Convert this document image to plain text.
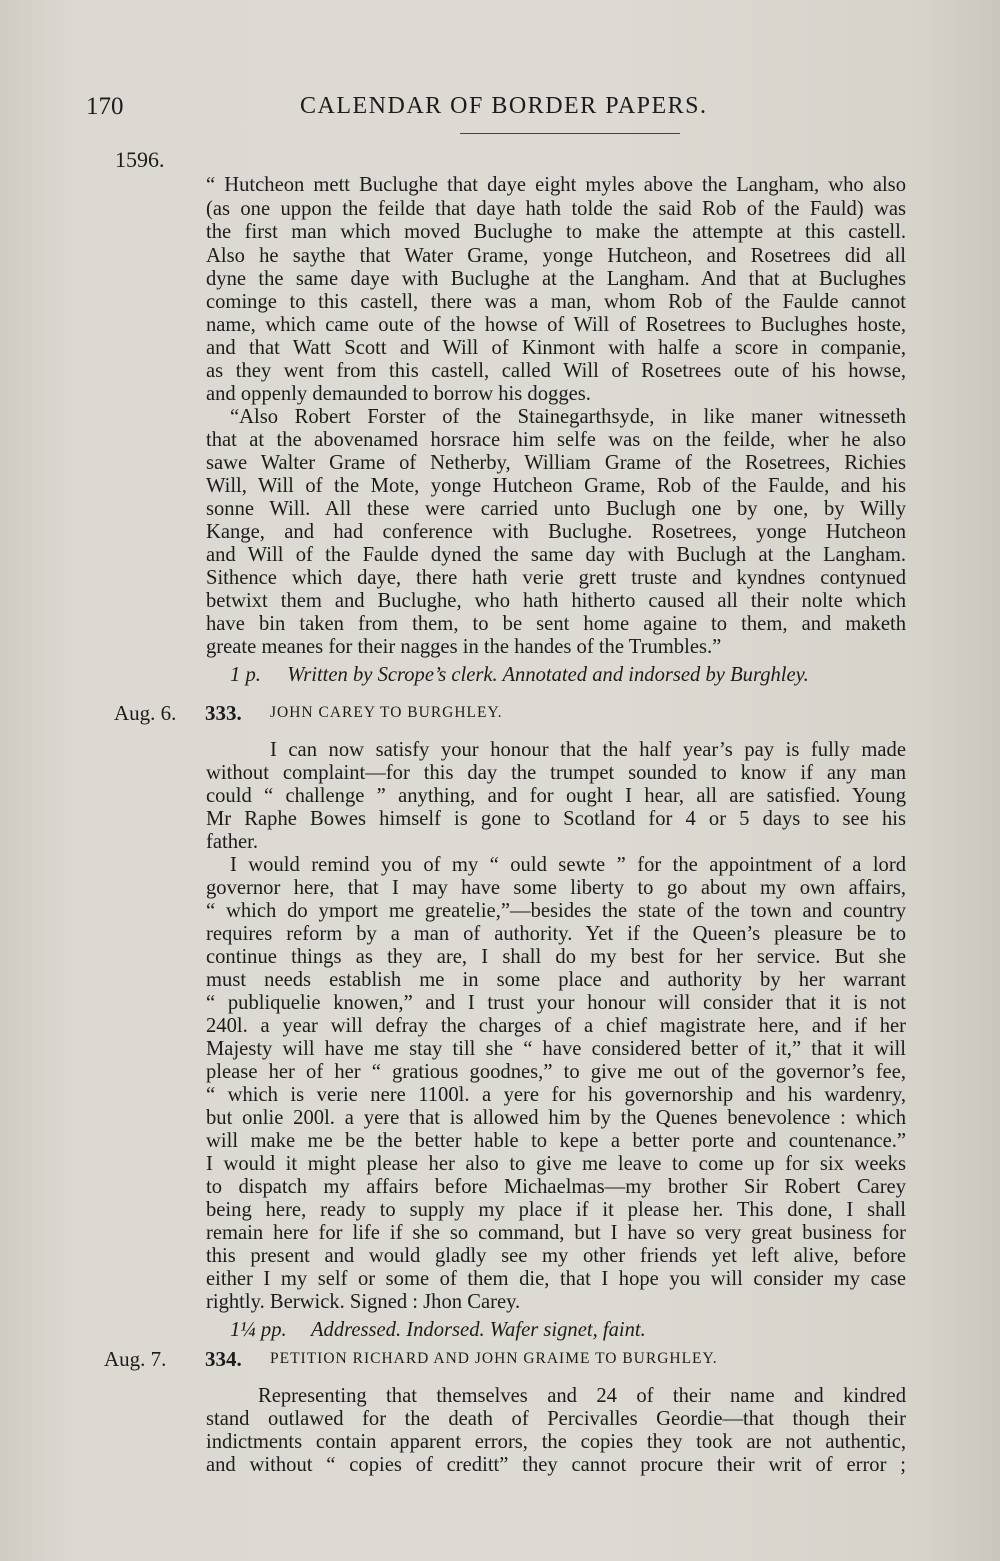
170	CALENDAR OF BORDER PAPERS.
1596.
“ Hutcheon mett Buclughe that daye eight myles above the Langham, who also
(as one uppon the feilde that daye hath tolde the said Rob of the Fauld) was
the first man which moved Buclughe to make the attempte at this castell.
Also he saythe that Water Grame, yonge Hutcheon, and Rosetrees did all
dyne the same daye with Buclughe at the Langham. And that at Buclughes
cominge to this castell, there was a man, whom Rob of the Faulde cannot
name, which came oute of the howse of Will of Rosetrees to Buclughes hoste,
and that Watt Scott and Will of Kinmont with halfe a score in companie,
as they went from this castell, called Will of Rosetrees oute of his howse,
and oppenly demaunded to borrow his dogges.
“Also Robert Forster of the Stainegarthsyde, in like maner witnesseth
that at the abovenamed horsrace him selfe was on the feilde, wher he also
sawe Walter Grame of Netherby, William Grame of the Rosetrees, Richies
Will, Will of the Mote, yonge Hutcheon Grame, Rob of the Faulde, and his
sonne Will. All these were carried unto Buclugh one by one, by Willy
Kange, and had conference with Buclughe. Rosetrees, yonge Hutcheon
and Will of the Faulde dyned the same day with Buclugh at the Langham.
Sithence which daye, there hath verie grett truste and kyndnes contynued
betwixt them and Buclughe, who hath hitherto caused all their nolte which
have bin taken from them, to be sent home againe to them, and maketh
greate meanes for their nagges in the handes of the Trumbles.”
1 p. Written by Scrope’s clerk. Annotated and indorsed by Burghley.
Aug. 6. 333. JOHN CAREY TO BURGHLEY.
I can now satisfy your honour that the half year’s pay is fully made
without complaint—for this day the trumpet sounded to know if any man
could “ challenge ” anything, and for ought I hear, all are satisfied. Young
Mr Raphe Bowes himself is gone to Scotland for 4 or 5 days to see his
father.
I would remind you of my “ ould sewte ” for the appointment of a lord
governor here, that I may have some liberty to go about my own affairs,
“ which do ymport me greatelie,”—besides the state of the town and country
requires reform by a man of authority. Yet if the Queen’s pleasure be to
continue things as they are, I shall do my best for her service. But she
must needs establish me in some place and authority by her warrant
“ publiquelie knowen,” and I trust your honour will consider that it is not
240l. a year will defray the charges of a chief magistrate here, and if her
Majesty will have me stay till she “ have considered better of it,” that it will
please her of her “ gratious goodnes,” to give me out of the governor’s fee,
“ which is verie nere 1100l. a yere for his governorship and his wardenry,
but onlie 200l. a yere that is allowed him by the Quenes benevolence : which
will make me be the better hable to kepe a better porte and countenance.”
I would it might please her also to give me leave to come up for six weeks
to dispatch my affairs before Michaelmas—my brother Sir Robert Carey
being here, ready to supply my place if it please her. This done, I shall
remain here for life if she so command, but I have so very great business for
this present and would gladly see my other friends yet left alive, before
either I my self or some of them die, that I hope you will consider my case
rightly. Berwick. Signed : Jhon Carey.
1¼ pp. Addressed. Indorsed. Wafer signet, faint.
Aug. 7. 334. PETITION RICHARD AND JOHN GRAIME TO BURGHLEY.
Representing that themselves and 24 of their name and kindred
stand outlawed for the death of Percivalles Geordie—that though their
indictments contain apparent errors, the copies they took are not authentic,
and without “ copies of creditt” they cannot procure their writ of error ;
